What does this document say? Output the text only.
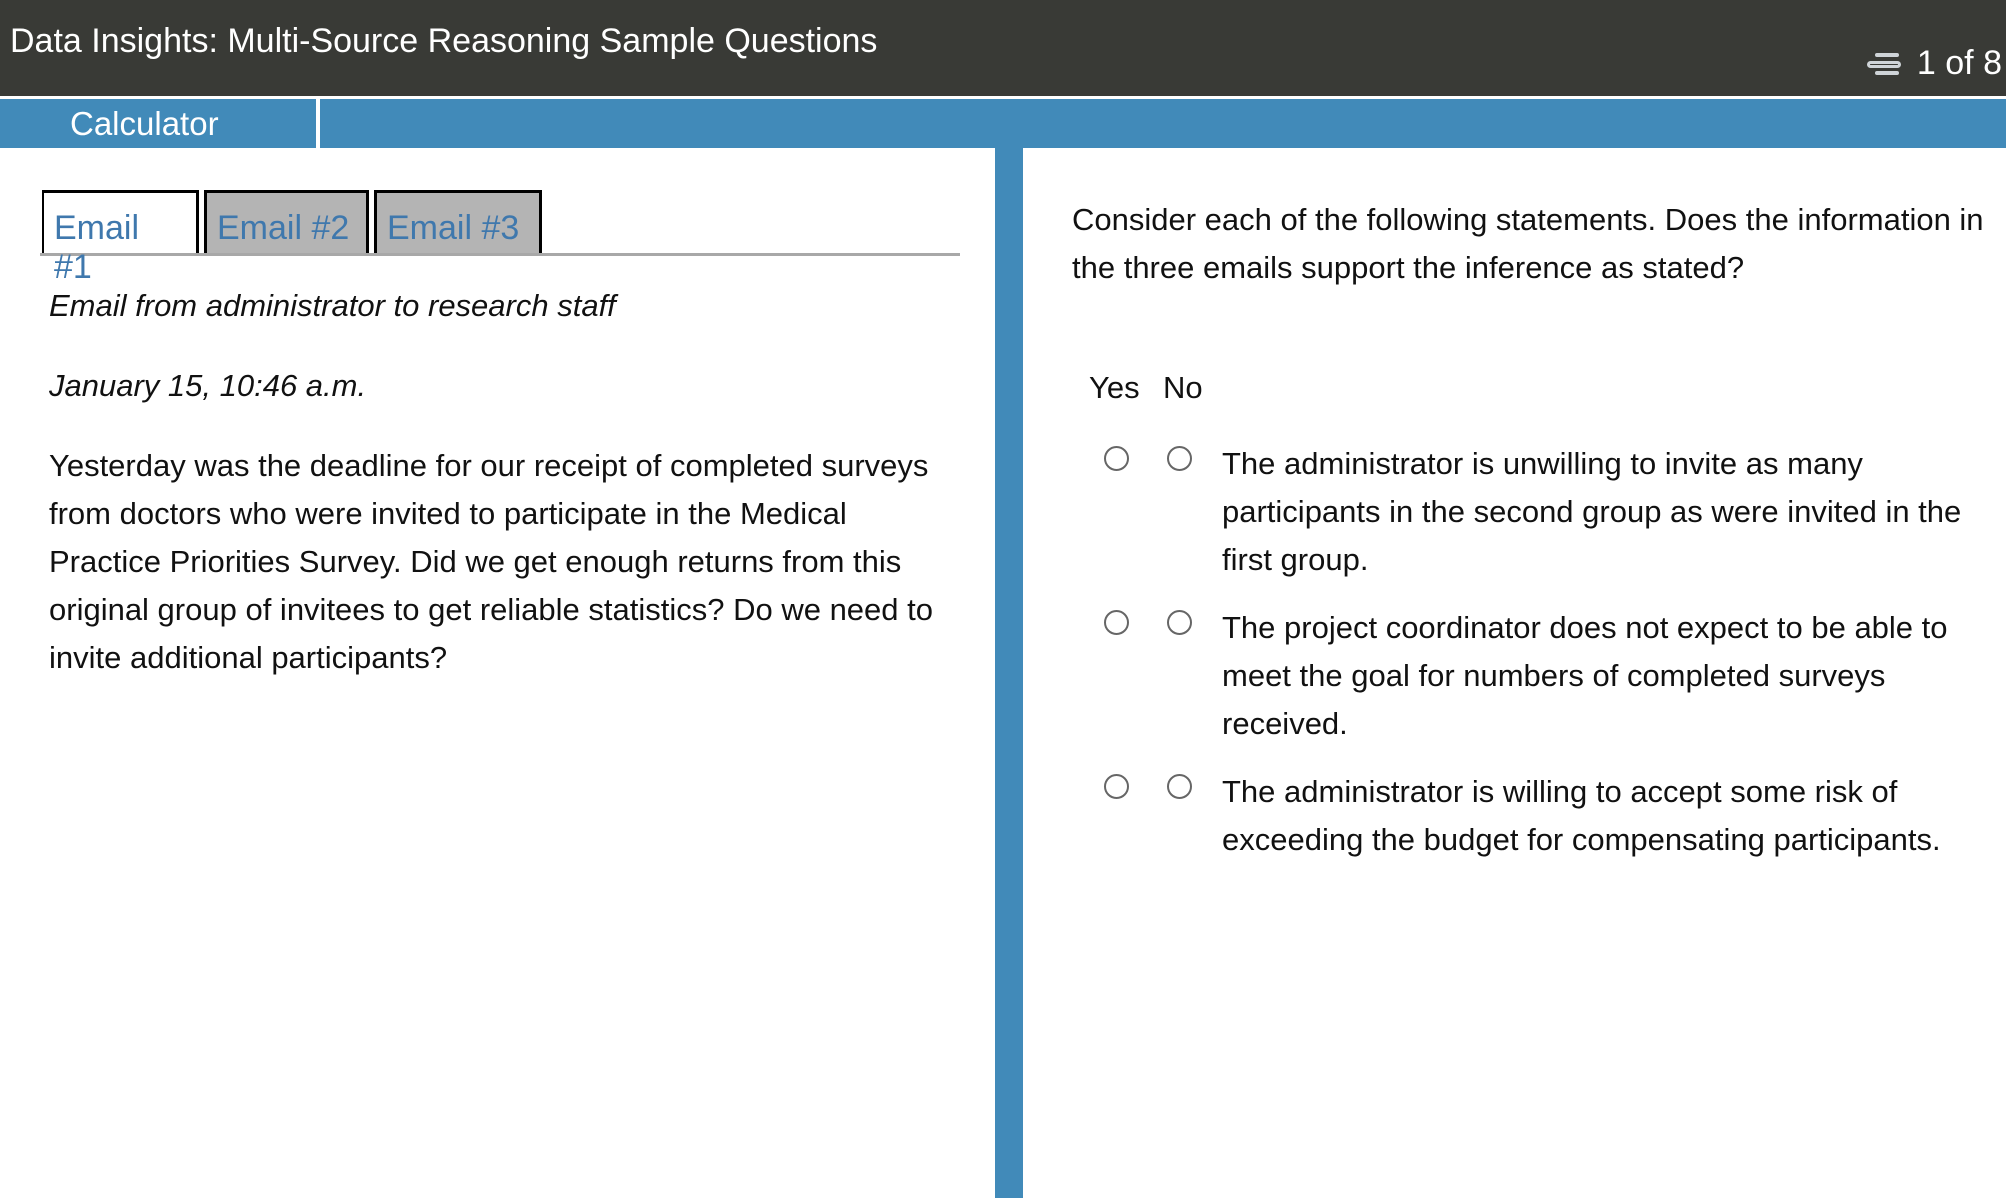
Data Insights: Multi-Source Reasoning Sample Questions
1 of 8
Calculator
Email #1
Email #2	Email #3
Email from administrator to research staff
January 15, 10:46 a.m.
Yesterday was the deadline for our receipt of completed surveys from doctors who were invited to participate in the Medical Practice Priorities Survey. Did we get enough returns from this original group of invitees to get reliable statistics? Do we need to invite additional participants?
Consider each of the following statements. Does the information in the three emails support the inference as stated?
Yes No
The administrator is unwilling to invite as many participants in the second group as were invited in the first group.
The project coordinator does not expect to be able to meet the goal for numbers of completed surveys received.
The administrator is willing to accept some risk of exceeding the budget for compensating participants.
